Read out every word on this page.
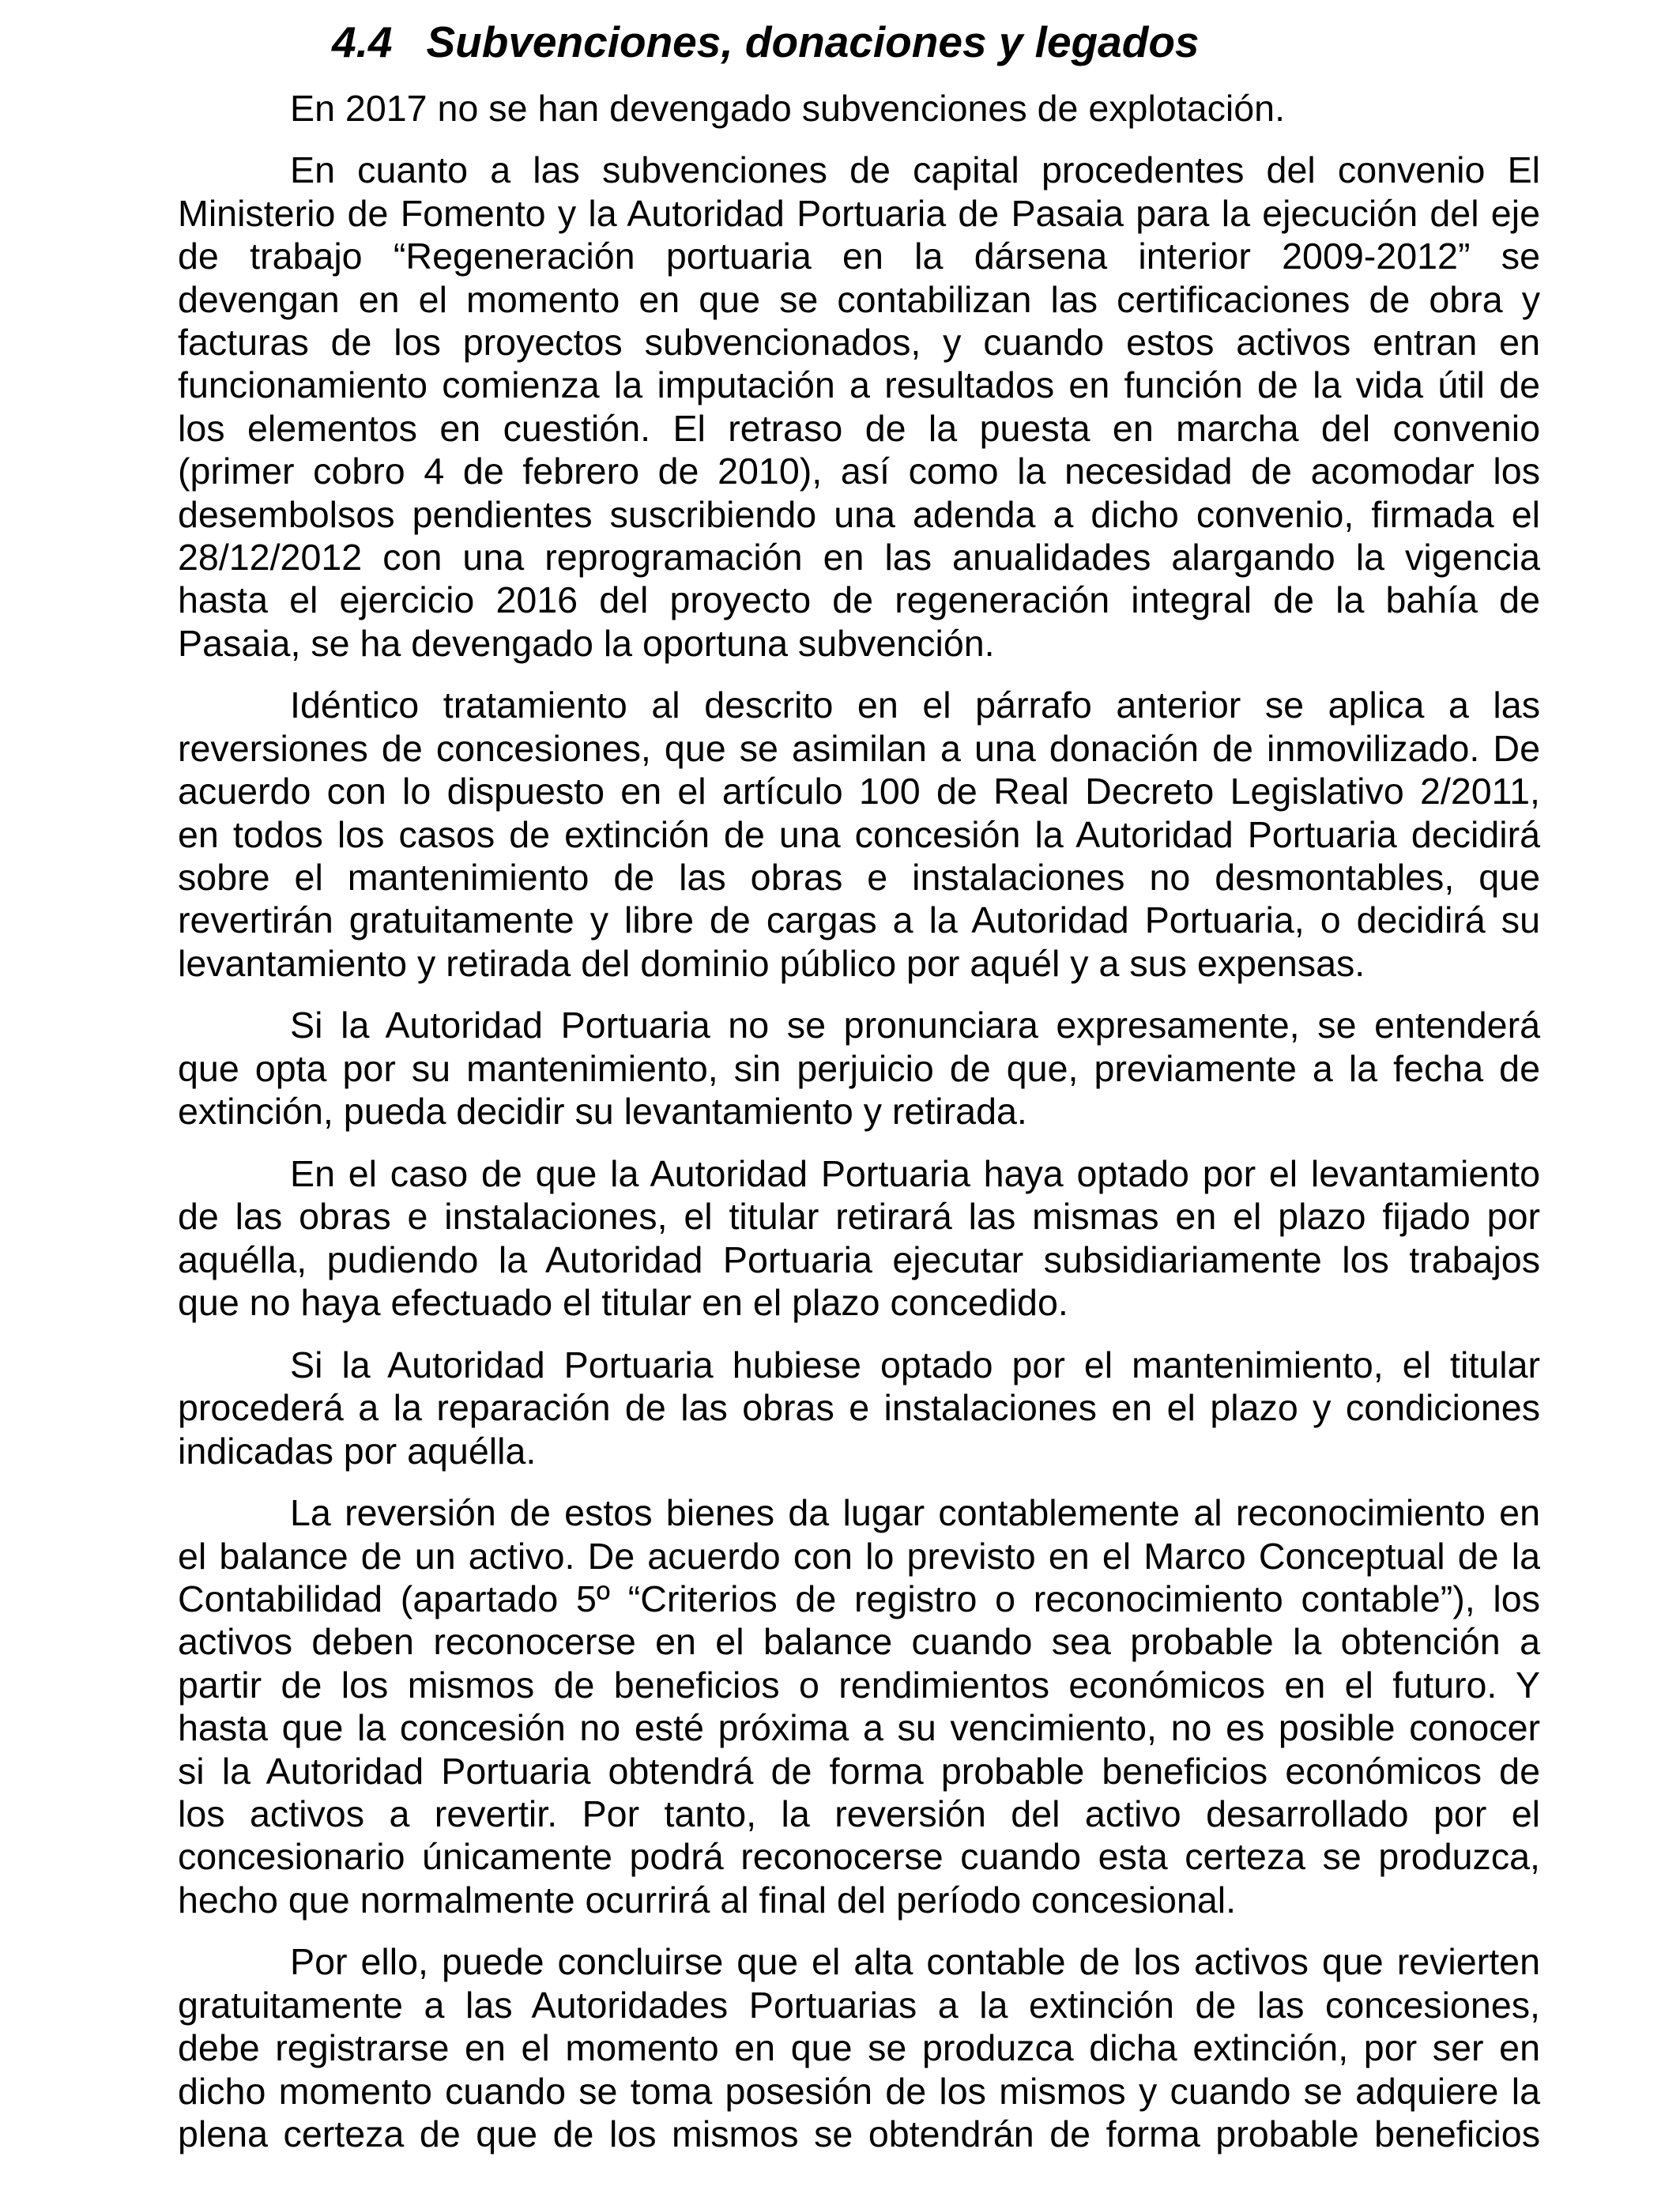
4.4 Subvenciones, donaciones y legados
En 2017 no se han devengado subvenciones de explotación.
En cuanto a las subvenciones de capital procedentes del convenio El
Ministerio de Fomento y la Autoridad Portuaria de Pasaia para la ejecución del eje
de trabajo “Regeneración portuaria en la dársena interior 2009-2012” se
devengan en el momento en que se contabilizan las certificaciones de obra y
facturas de los proyectos subvencionados, y cuando estos activos entran en
funcionamiento comienza la imputación a resultados en función de la vida útil de
los elementos en cuestión. El retraso de la puesta en marcha del convenio
(primer cobro 4 de febrero de 2010), así como la necesidad de acomodar los
desembolsos pendientes suscribiendo una adenda a dicho convenio, firmada el
28/12/2012 con una reprogramación en las anualidades alargando la vigencia
hasta el ejercicio 2016 del proyecto de regeneración integral de la bahía de
Pasaia, se ha devengado la oportuna subvención.
Idéntico tratamiento al descrito en el párrafo anterior se aplica a las
reversiones de concesiones, que se asimilan a una donación de inmovilizado. De
acuerdo con lo dispuesto en el artículo 100 de Real Decreto Legislativo 2/2011,
en todos los casos de extinción de una concesión la Autoridad Portuaria decidirá
sobre el mantenimiento de las obras e instalaciones no desmontables, que
revertirán gratuitamente y libre de cargas a la Autoridad Portuaria, o decidirá su
levantamiento y retirada del dominio público por aquél y a sus expensas.
Si la Autoridad Portuaria no se pronunciara expresamente, se entenderá
que opta por su mantenimiento, sin perjuicio de que, previamente a la fecha de
extinción, pueda decidir su levantamiento y retirada.
En el caso de que la Autoridad Portuaria haya optado por el levantamiento
de las obras e instalaciones, el titular retirará las mismas en el plazo fijado por
aquélla, pudiendo la Autoridad Portuaria ejecutar subsidiariamente los trabajos
que no haya efectuado el titular en el plazo concedido.
Si la Autoridad Portuaria hubiese optado por el mantenimiento, el titular
procederá a la reparación de las obras e instalaciones en el plazo y condiciones
indicadas por aquélla.
La reversión de estos bienes da lugar contablemente al reconocimiento en
el balance de un activo. De acuerdo con lo previsto en el Marco Conceptual de la
Contabilidad (apartado 5º “Criterios de registro o reconocimiento contable”), los
activos deben reconocerse en el balance cuando sea probable la obtención a
partir de los mismos de beneficios o rendimientos económicos en el futuro. Y
hasta que la concesión no esté próxima a su vencimiento, no es posible conocer
si la Autoridad Portuaria obtendrá de forma probable beneficios económicos de
los activos a revertir. Por tanto, la reversión del activo desarrollado por el
concesionario únicamente podrá reconocerse cuando esta certeza se produzca,
hecho que normalmente ocurrirá al final del período concesional.
Por ello, puede concluirse que el alta contable de los activos que revierten
gratuitamente a las Autoridades Portuarias a la extinción de las concesiones,
debe registrarse en el momento en que se produzca dicha extinción, por ser en
dicho momento cuando se toma posesión de los mismos y cuando se adquiere la
plena certeza de que de los mismos se obtendrán de forma probable beneficios
